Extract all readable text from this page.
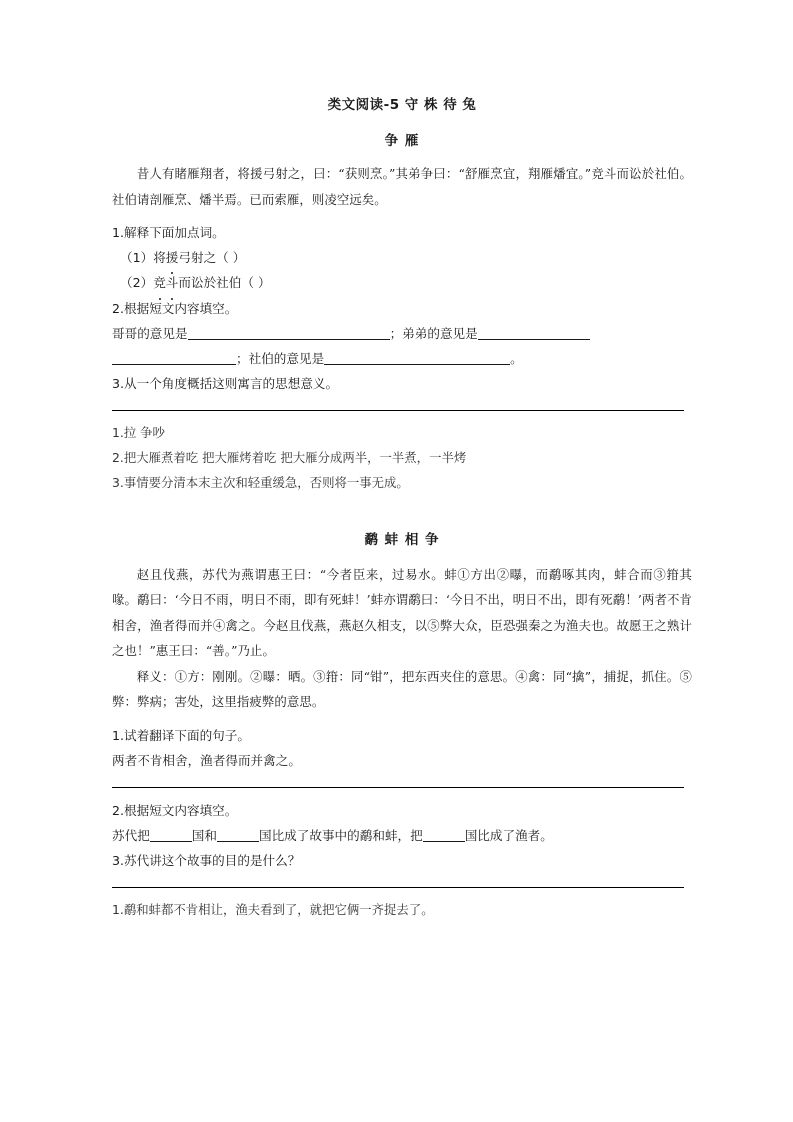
类文阅读-5 守 株 待 兔
争 雁

昔人有睹雁翔者，将援弓射之，曰：“获则烹。”其弟争曰：“舒雁烹宜，翔雁燔宜。”竞斗而讼於社伯。社伯请剖雁烹、燔半焉。已而索雁，则凌空远矣。

1.解释下面加点词。
（1）将援弓射之（ ）
（2）竞斗而讼於社伯（ ）
2.根据短文内容填空。
哥哥的意见是	；弟弟的意见是
；社伯的意见是	。
3.从一个角度概括这则寓言的思想意义。
1.拉 争吵
2.把大雁煮着吃 把大雁烤着吃 把大雁分成两半，一半煮，一半烤
3.事情要分清本末主次和轻重缓急，否则将一事无成。
鹬 蚌 相 争

赵且伐燕，苏代为燕谓惠王曰：“今者臣来，过易水。蚌①方出②曝，而鹬啄其肉，蚌合而③箝其喙。鹬曰：‘今日不雨，明日不雨，即有死蚌！’蚌亦谓鹬曰：‘今日不出，明日不出，即有死鹬！’两者不肯相舍，渔者得而并④禽之。今赵且伐燕，燕赵久相支，以⑤弊大众，臣恐强秦之为渔夫也。故愿王之熟计之也！”惠王曰：“善。”乃止。

释义：①方：刚刚。②曝：晒。③箝：同“钳”，把东西夹住的意思。④禽：同“擒”，捕捉，抓住。⑤弊：弊病；害处，这里指疲弊的意思。

1.试着翻译下面的句子。
两者不肯相舍，渔者得而并禽之。
2.根据短文内容填空。
苏代把	国和	国比成了故事中的鹬和蚌，把	国比成了渔者。
3.苏代讲这个故事的目的是什么？
1.鹬和蚌都不肯相让，渔夫看到了，就把它俩一齐捉去了。
